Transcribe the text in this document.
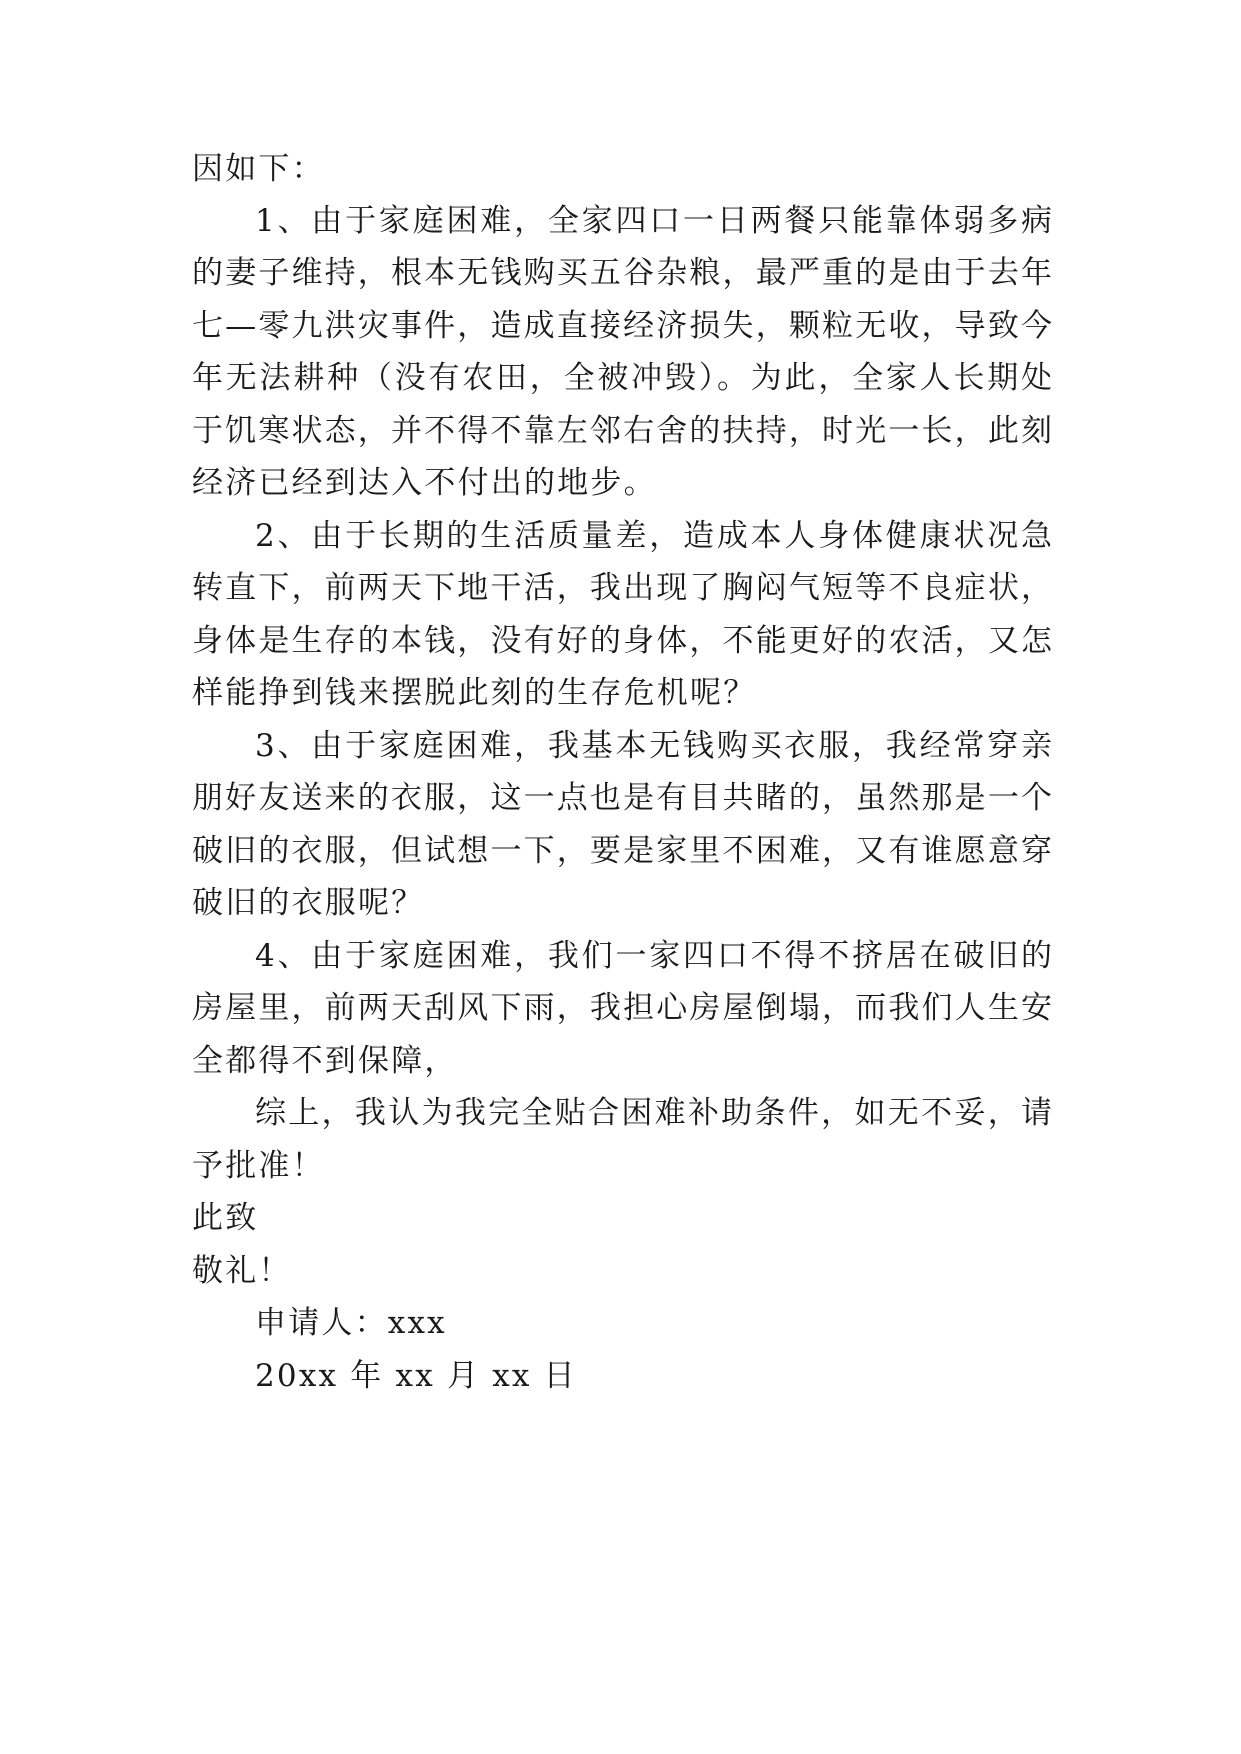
因如下：
1、由于家庭困难，全家四口一日两餐只能靠体弱多病
的妻子维持，根本无钱购买五谷杂粮，最严重的是由于去年
七—零九洪灾事件，造成直接经济损失，颗粒无收，导致今
年无法耕种（没有农田，全被冲毁）。为此，全家人长期处
于饥寒状态，并不得不靠左邻右舍的扶持，时光一长，此刻
经济已经到达入不付出的地步。
2、由于长期的生活质量差，造成本人身体健康状况急
转直下，前两天下地干活，我出现了胸闷气短等不良症状，
身体是生存的本钱，没有好的身体，不能更好的农活，又怎
样能挣到钱来摆脱此刻的生存危机呢？
3、由于家庭困难，我基本无钱购买衣服，我经常穿亲
朋好友送来的衣服，这一点也是有目共睹的，虽然那是一个
破旧的衣服，但试想一下，要是家里不困难，又有谁愿意穿
破旧的衣服呢？
4、由于家庭困难，我们一家四口不得不挤居在破旧的
房屋里，前两天刮风下雨，我担心房屋倒塌，而我们人生安
全都得不到保障，
综上，我认为我完全贴合困难补助条件，如无不妥，请
予批准！
此致
敬礼！
申请人：xxx
20xx 年 xx 月 xx 日
